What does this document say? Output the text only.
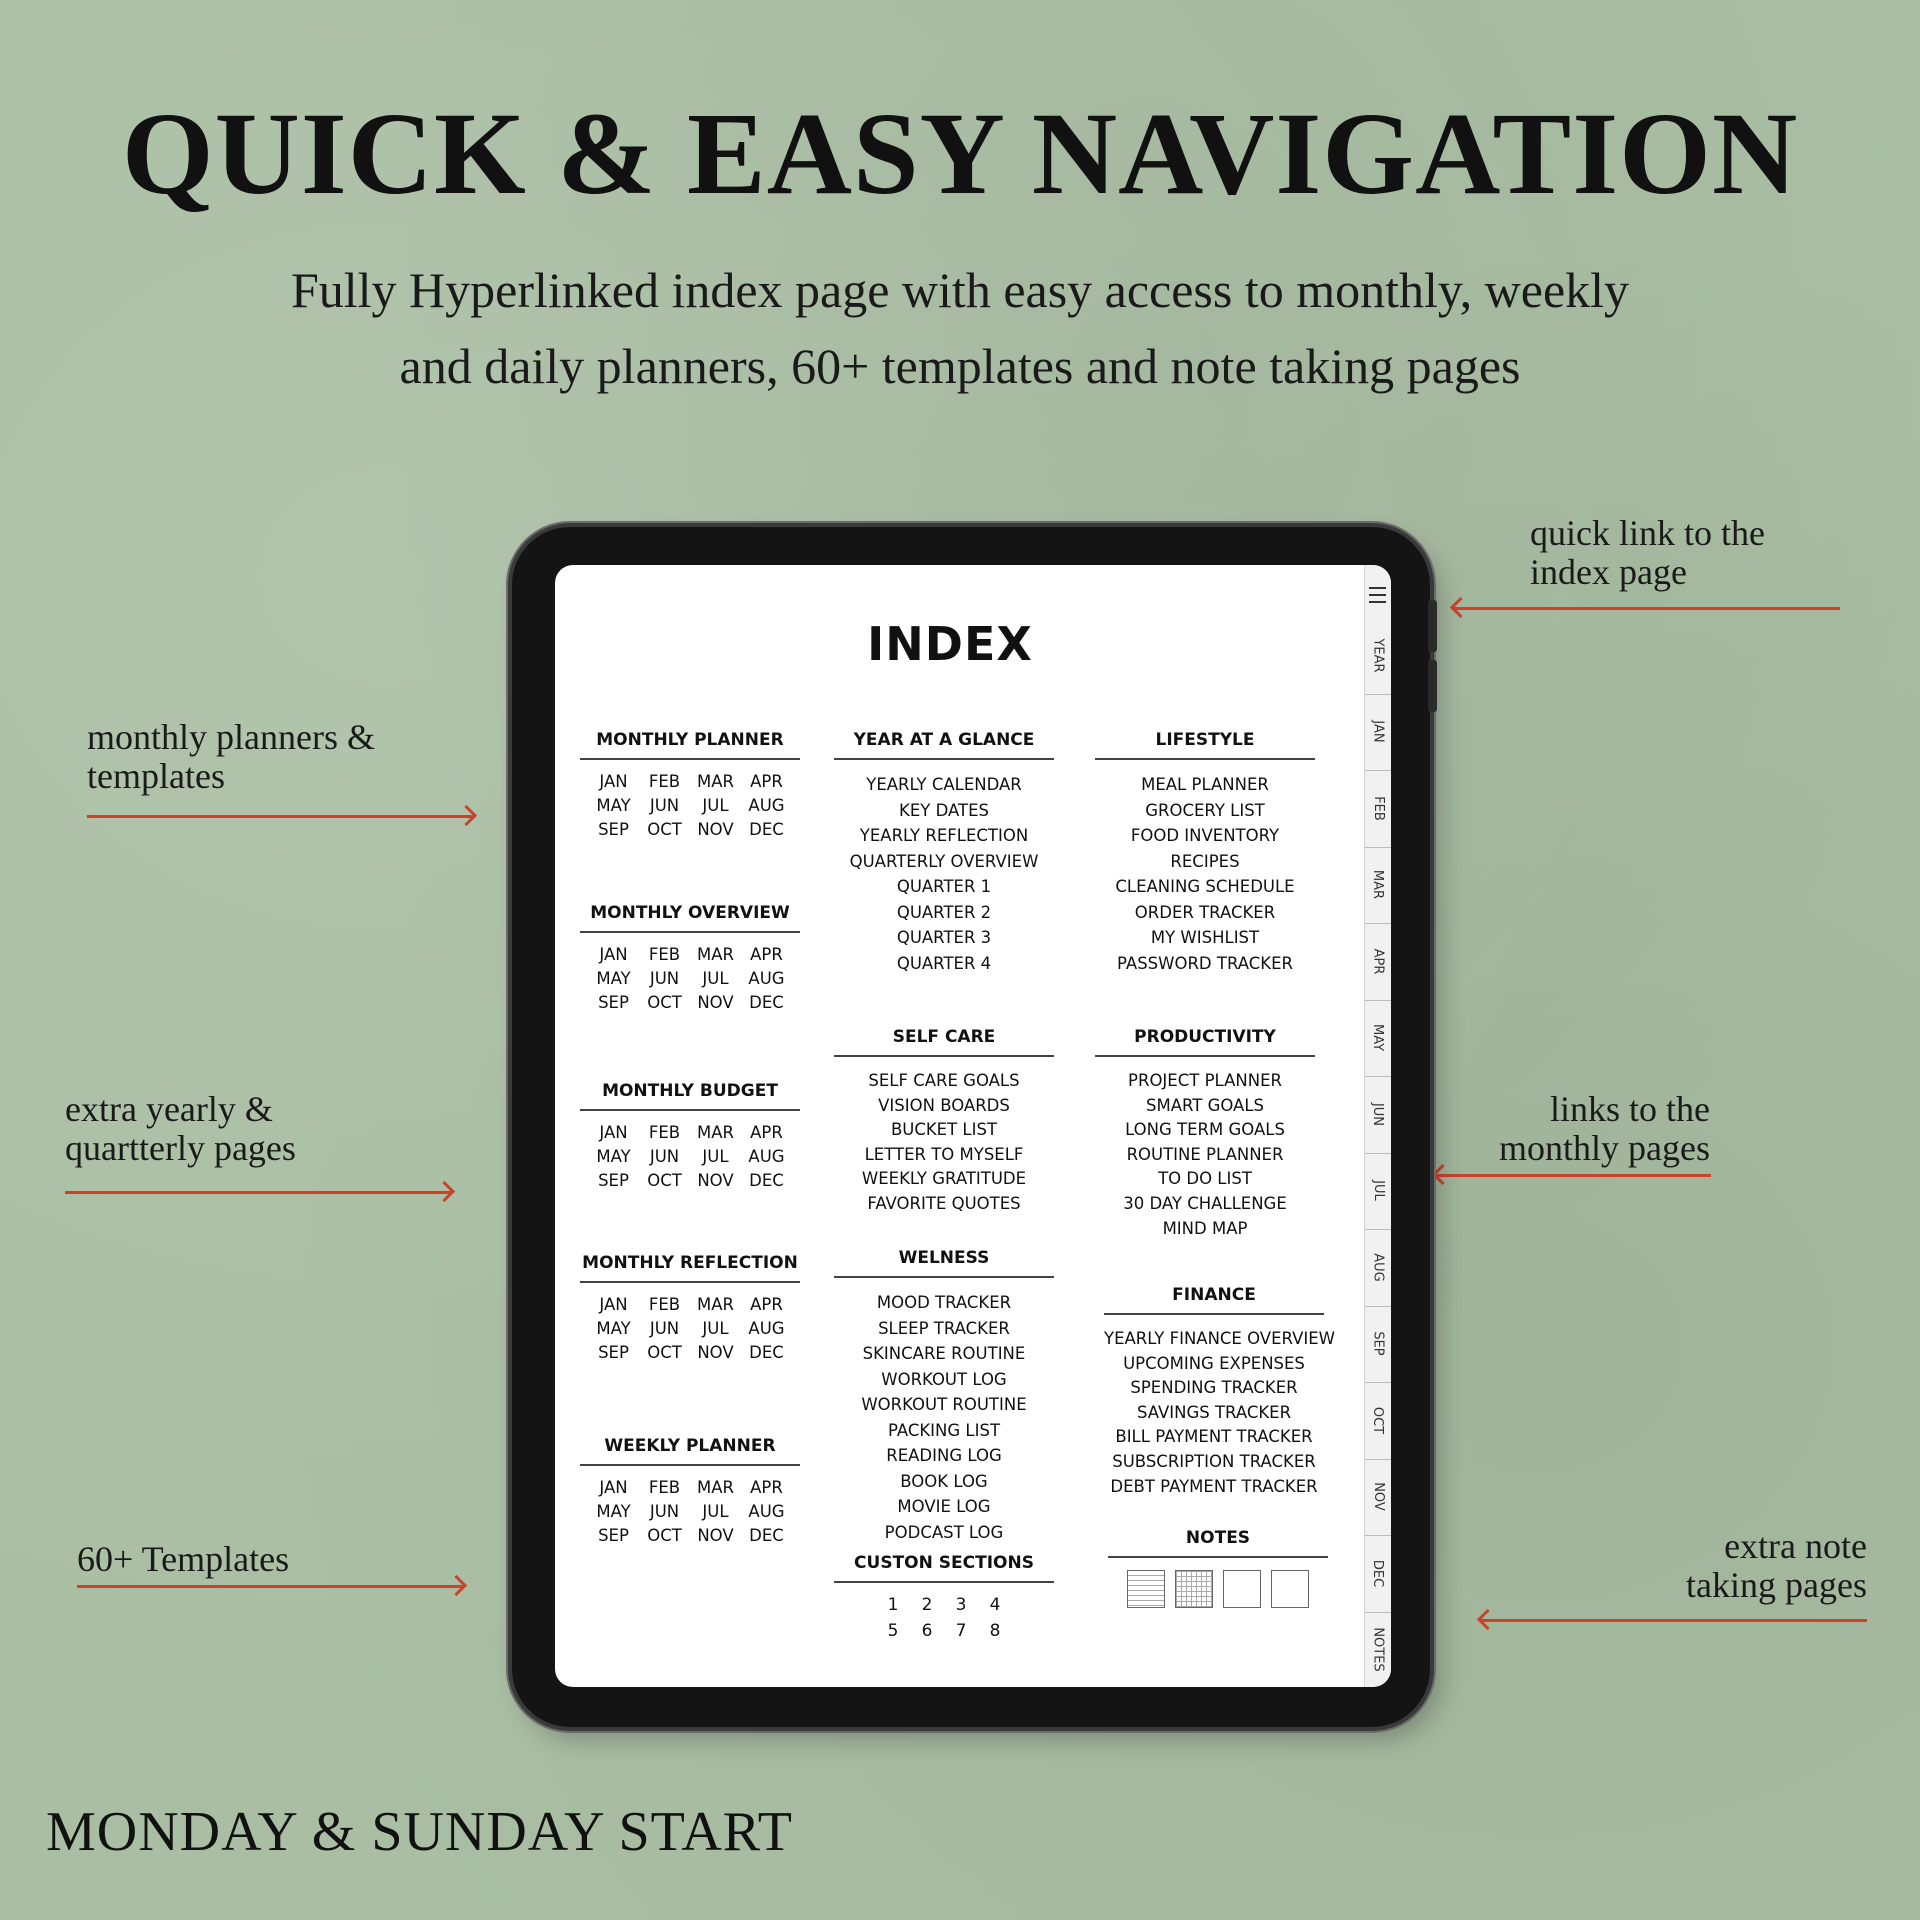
QUICK & EASY NAVIGATION
Fully Hyperlinked index page with easy access to monthly, weekly
and daily planners, 60+ templates and note taking pages
monthly planners &
templates
extra yearly &
quartterly pages
60+ Templates
quick link to the
index page
links to the
monthly pages
extra note
taking pages
INDEX
MONTHLY PLANNER
JAN	FEB	MAR APR
MAY	JUN	JUL	AUG
SEP	OCT NOV DEC
MONTHLY OVERVIEW
JAN	FEB	MAR APR
MAY	JUN	JUL	AUG
SEP	OCT NOV DEC
MONTHLY BUDGET
JAN	FEB	MAR APR
MAY	JUN	JUL	AUG
SEP	OCT NOV DEC
MONTHLY REFLECTION
JAN	FEB	MAR APR
MAY	JUN	JUL	AUG
SEP	OCT NOV DEC
WEEKLY PLANNER
JAN	FEB	MAR APR
MAY	JUN	JUL	AUG
SEP	OCT NOV DEC
YEAR AT A GLANCE
YEARLY CALENDAR
KEY DATES
YEARLY REFLECTION
QUARTERLY OVERVIEW
QUARTER 1
QUARTER 2
QUARTER 3
QUARTER 4
SELF CARE
SELF CARE GOALS
VISION BOARDS
BUCKET LIST
LETTER TO MYSELF
WEEKLY GRATITUDE
FAVORITE QUOTES
WELNESS
MOOD TRACKER
SLEEP TRACKER
SKINCARE ROUTINE
WORKOUT LOG
WORKOUT ROUTINE
PACKING LIST
READING LOG
BOOK LOG
MOVIE LOG
PODCAST LOG
CUSTON SECTIONS
1	2	3	4
5	6	7	8
LIFESTYLE
MEAL PLANNER
GROCERY LIST
FOOD INVENTORY
RECIPES
CLEANING SCHEDULE
ORDER TRACKER
MY WISHLIST
PASSWORD TRACKER
PRODUCTIVITY
PROJECT PLANNER
SMART GOALS
LONG TERM GOALS
ROUTINE PLANNER
TO DO LIST
30 DAY CHALLENGE
MIND MAP
FINANCE
YEARLY FINANCE OVERVIEW
UPCOMING EXPENSES
SPENDING TRACKER
SAVINGS TRACKER
BILL PAYMENT TRACKER
SUBSCRIPTION TRACKER
DEBT PAYMENT TRACKER
NOTES
YEAR
JAN
FEB
MAR
APR
MAY
JUN
JUL
AUG
SEP
OCT
NOV
DEC
NOTES
MONDAY & SUNDAY START
